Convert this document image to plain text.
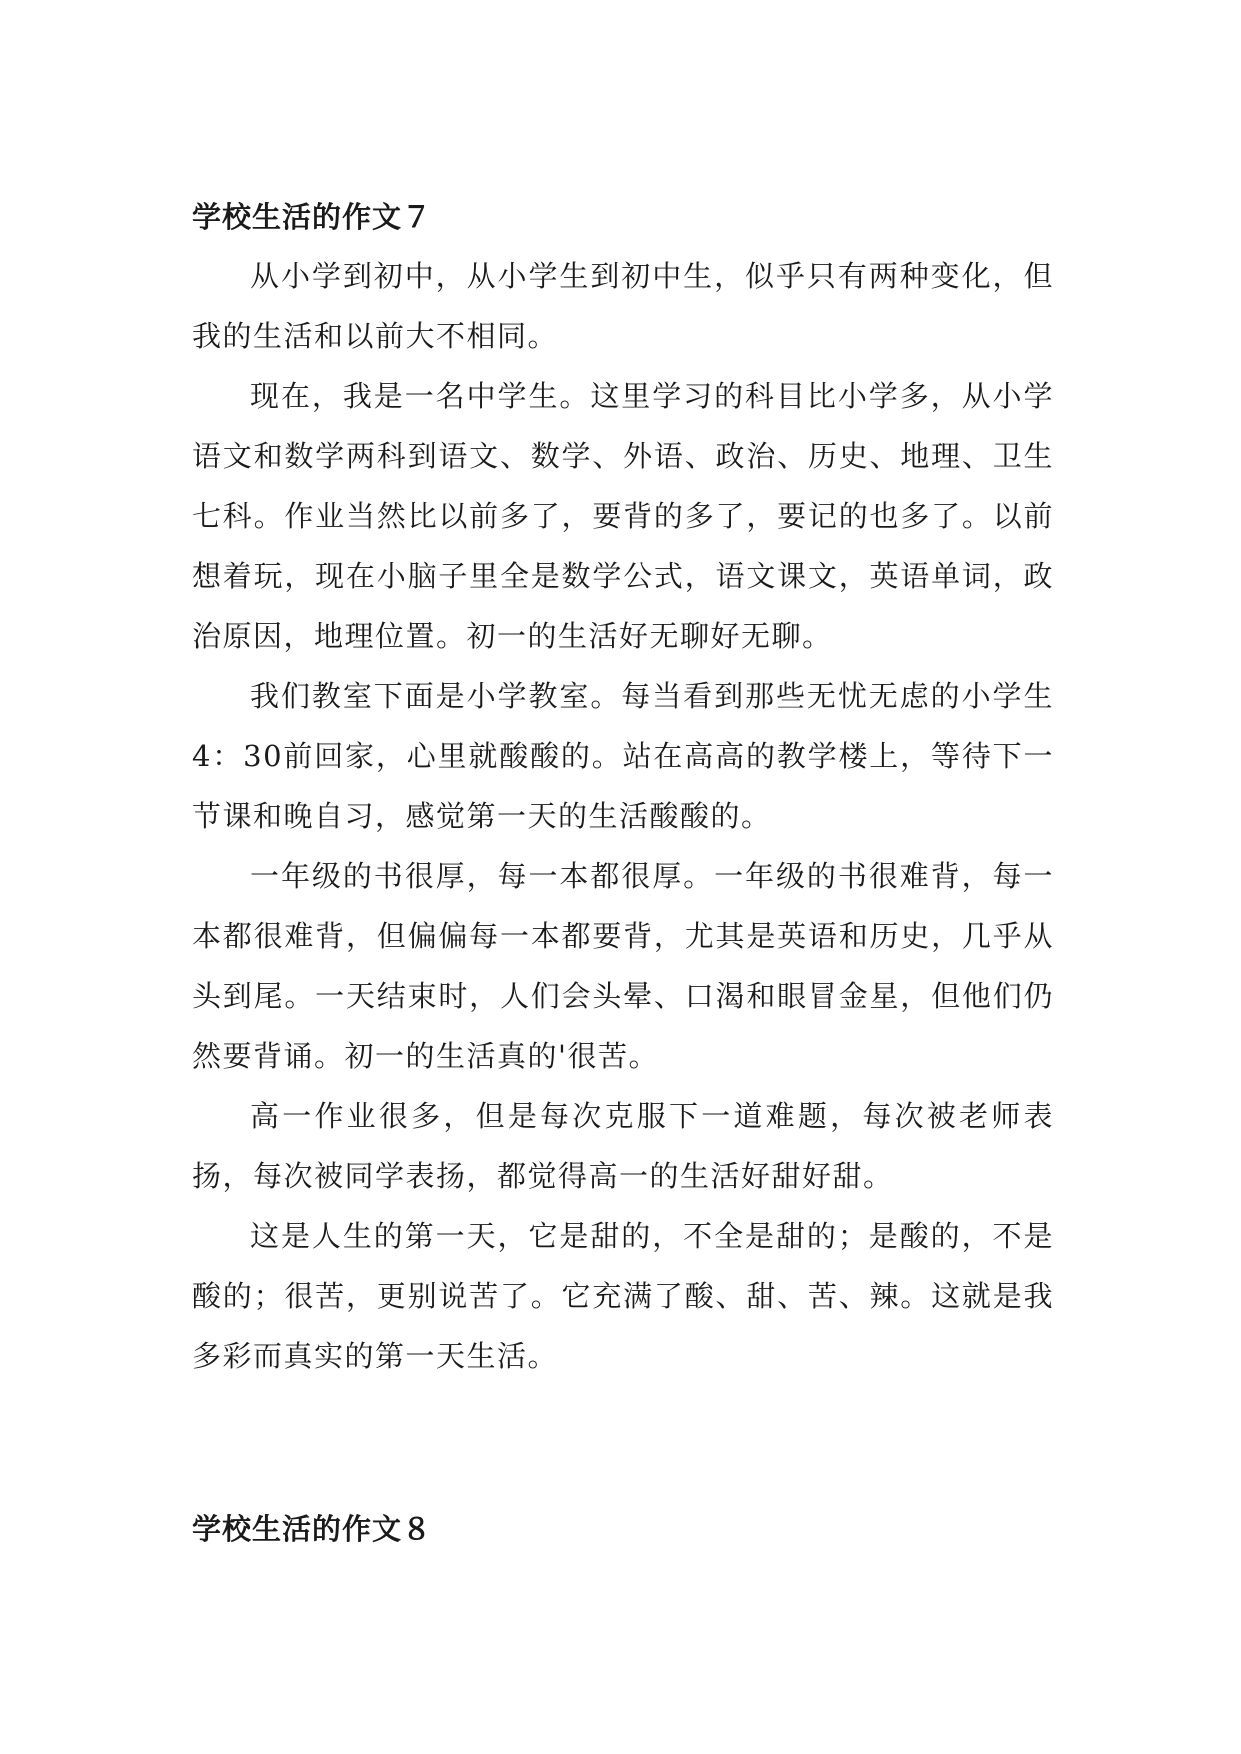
学校生活的作文７

从小学到初中，从小学生到初中生，似乎只有两种变化，但我的生活和以前大不相同。

现在，我是一名中学生。这里学习的科目比小学多，从小学语文和数学两科到语文、数学、外语、政治、历史、地理、卫生七科。作业当然比以前多了，要背的多了，要记的也多了。以前想着玩，现在小脑子里全是数学公式，语文课文，英语单词，政治原因，地理位置。初一的生活好无聊好无聊。

我们教室下面是小学教室。每当看到那些无忧无虑的小学生4：30前回家，心里就酸酸的。站在高高的教学楼上，等待下一节课和晚自习，感觉第一天的生活酸酸的。

一年级的书很厚，每一本都很厚。一年级的书很难背，每一本都很难背，但偏偏每一本都要背，尤其是英语和历史，几乎从头到尾。一天结束时，人们会头晕、口渴和眼冒金星，但他们仍然要背诵。初一的生活真的'很苦。

高一作业很多，但是每次克服下一道难题，每次被老师表扬，每次被同学表扬，都觉得高一的生活好甜好甜。

这是人生的第一天，它是甜的，不全是甜的；是酸的，不是酸的；很苦，更别说苦了。它充满了酸、甜、苦、辣。这就是我多彩而真实的第一天生活。

学校生活的作文８
